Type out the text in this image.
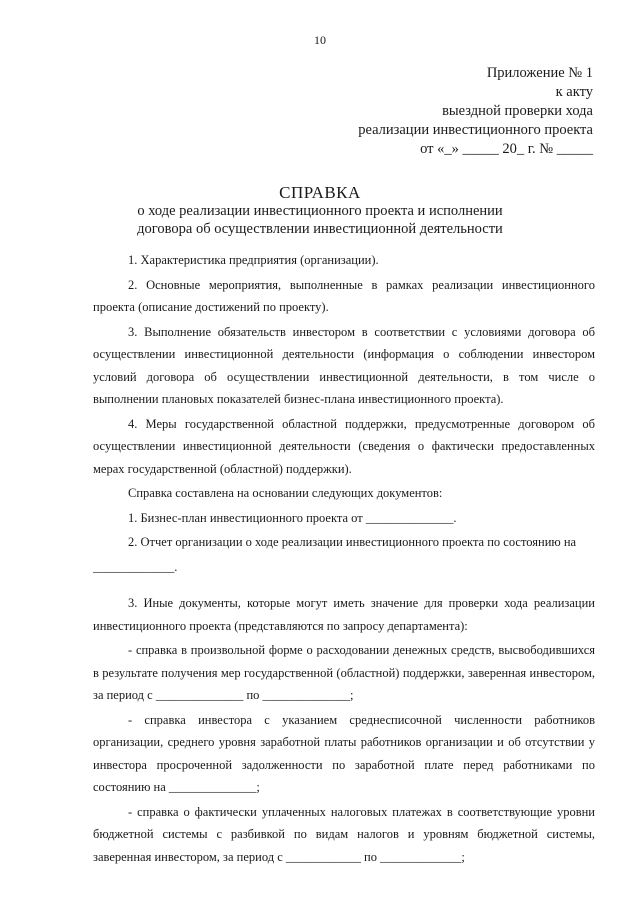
10
Приложение № 1
к акту
выездной проверки хода
реализации инвестиционного проекта
от «_» _____ 20_ г. № _____
СПРАВКА
о ходе реализации инвестиционного проекта и исполнении
договора об осуществлении инвестиционной деятельности

1. Характеристика предприятия (организации).

2. Основные мероприятия, выполненные в рамках реализации инвестиционного проекта (описание достижений по проекту).

3. Выполнение обязательств инвестором в соответствии с условиями договора об осуществлении инвестиционной деятельности (информация о соблюдении инвестором условий договора об осуществлении инвестиционной деятельности, в том числе о выполнении плановых показателей бизнес-плана инвестиционного проекта).

4. Меры государственной областной поддержки, предусмотренные договором об осуществлении инвестиционной деятельности (сведения о фактически предоставленных мерах государственной (областной) поддержки).

Справка составлена на основании следующих документов:

1. Бизнес-план инвестиционного проекта от ______________.

2. Отчет организации о ходе реализации инвестиционного проекта по состоянию на

_____________.

3. Иные документы, которые могут иметь значение для проверки хода реализации инвестиционного проекта (представляются по запросу департамента):

- справка в произвольной форме о расходовании денежных средств, высвободившихся в результате получения мер государственной (областной) поддержки, заверенная инвестором, за период с ______________ по ______________;

- справка инвестора с указанием среднесписочной численности работников организации, среднего уровня заработной платы работников организации и об отсутствии у инвестора просроченной задолженности по заработной плате перед работниками по состоянию на ______________;

- справка о фактически уплаченных налоговых платежах в соответствующие уровни бюджетной системы с разбивкой по видам налогов и уровням бюджетной системы, заверенная инвестором, за период с ____________ по _____________;
